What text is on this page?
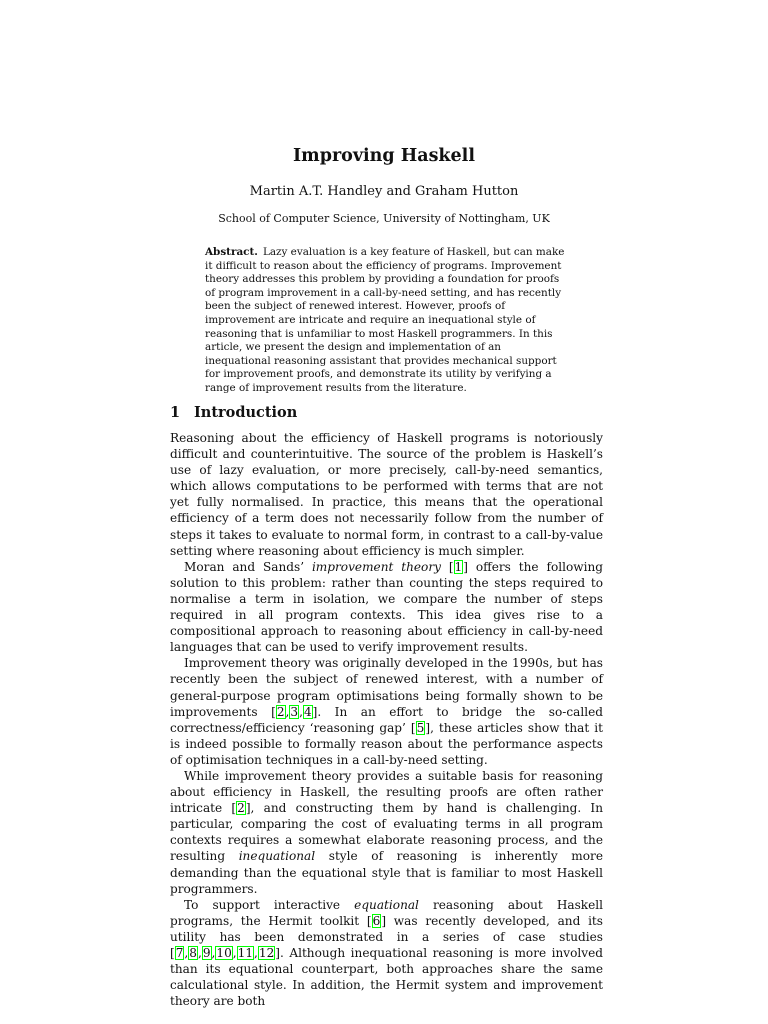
Improving Haskell
Martin A.T. Handley and Graham Hutton
School of Computer Science, University of Nottingham, UK

Abstract. Lazy evaluation is a key feature of Haskell, but can make it difficult to reason about the efficiency of programs. Improvement theory addresses this problem by providing a foundation for proofs of program improvement in a call-by-need setting, and has recently been the subject of renewed interest. However, proofs of improvement are intricate and require an inequational style of reasoning that is unfamiliar to most Haskell programmers. In this article, we present the design and implementation of an inequational reasoning assistant that provides mechanical support for improvement proofs, and demonstrate its utility by verifying a range of improvement results from the literature.

1 Introduction

Reasoning about the efficiency of Haskell programs is notoriously difficult and counterintuitive. The source of the problem is Haskell’s use of lazy evaluation, or more precisely, call-by-need semantics, which allows computations to be performed with terms that are not yet fully normalised. In practice, this means that the operational efficiency of a term does not necessarily follow from the number of steps it takes to evaluate to normal form, in contrast to a call-by-value setting where reasoning about efficiency is much simpler.

Moran and Sands’ improvement theory [1] offers the following solution to this problem: rather than counting the steps required to normalise a term in isolation, we compare the number of steps required in all program contexts. This idea gives rise to a compositional approach to reasoning about efficiency in call-by-need languages that can be used to verify improvement results.

Improvement theory was originally developed in the 1990s, but has recently been the subject of renewed interest, with a number of general-purpose program optimisations being formally shown to be improvements [2,3,4]. In an effort to bridge the so-called correctness/efficiency ‘reasoning gap’ [5], these articles show that it is indeed possible to formally reason about the performance aspects of optimisation techniques in a call-by-need setting.

While improvement theory provides a suitable basis for reasoning about efficiency in Haskell, the resulting proofs are often rather intricate [2], and constructing them by hand is challenging. In particular, comparing the cost of evaluating terms in all program contexts requires a somewhat elaborate reasoning process, and the resulting inequational style of reasoning is inherently more demanding than the equational style that is familiar to most Haskell programmers.

To support interactive equational reasoning about Haskell programs, the Hermit toolkit [6] was recently developed, and its utility has been demonstrated in a series of case studies [7,8,9,10,11,12]. Although inequational reasoning is more involved than its equational counterpart, both approaches share the same calculational style. In addition, the Hermit system and improvement theory are both
